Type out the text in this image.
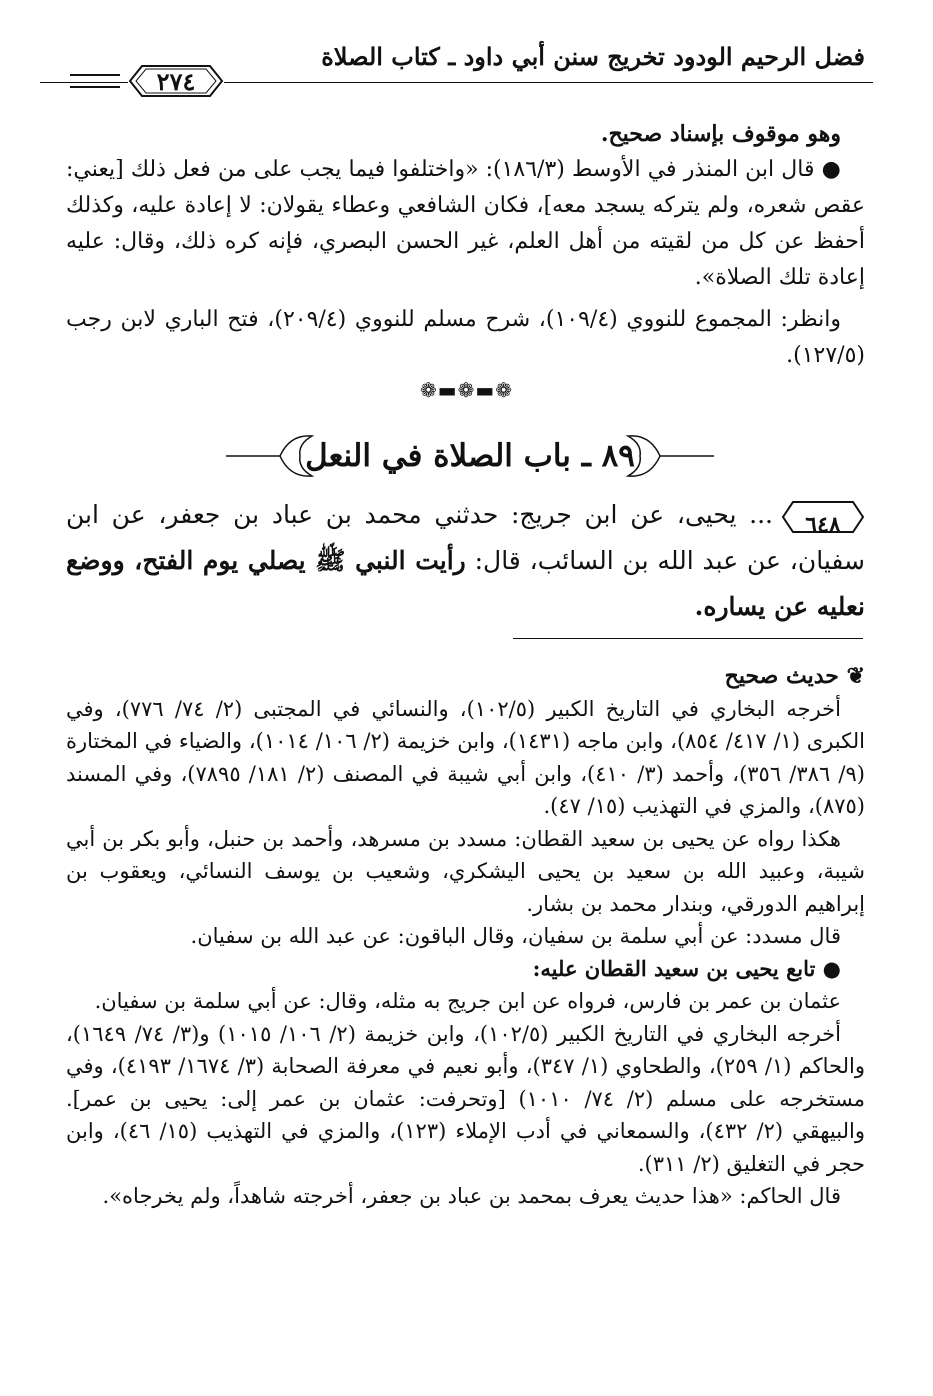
فضل الرحيم الودود تخريج سنن أبي داود ـ كتاب الصلاة
٢٧٤

وهو موقوف بإسناد صحيح.

● قال ابن المنذر في الأوسط (١٨٦/٣): «واختلفوا فيما يجب على من فعل ذلك [يعني: عقص شعره، ولم يتركه يسجد معه]، فكان الشافعي وعطاء يقولان: لا إعادة عليه، وكذلك أحفظ عن كل من لقيته من أهل العلم، غير الحسن البصري، فإنه كره ذلك، وقال: عليه إعادة تلك الصلاة».

وانظر: المجموع للنووي (١٠٩/٤)، شرح مسلم للنووي (٢٠٩/٤)، فتح الباري لابن رجب (١٢٧/٥).

❁▬❁▬❁
٨٩ ـ باب الصلاة في النعل

٦٤٨
... يحيى، عن ابن جريج: حدثني محمد بن عباد بن جعفر، عن ابن سفيان، عن عبد الله بن السائب، قال: رأيت النبي ﷺ يصلي يوم الفتح، ووضع نعليه عن يساره.

❦ حديث صحيح

أخرجه البخاري في التاريخ الكبير (١٠٢/٥)، والنسائي في المجتبى (٢/ ٧٤/ ٧٧٦)، وفي الكبرى (١/ ٤١٧/ ٨٥٤)، وابن ماجه (١٤٣١)، وابن خزيمة (٢/ ١٠٦/ ١٠١٤)، والضياء في المختارة (٩/ ٣٨٦/ ٣٥٦)، وأحمد (٣/ ٤١٠)، وابن أبي شيبة في المصنف (٢/ ١٨١/ ٧٨٩٥)، وفي المسند (٨٧٥)، والمزي في التهذيب (١٥/ ٤٧).

هكذا رواه عن يحيى بن سعيد القطان: مسدد بن مسرهد، وأحمد بن حنبل، وأبو بكر بن أبي شيبة، وعبيد الله بن سعيد بن يحيى اليشكري، وشعيب بن يوسف النسائي، ويعقوب بن إبراهيم الدورقي، وبندار محمد بن بشار.

قال مسدد: عن أبي سلمة بن سفيان، وقال الباقون: عن عبد الله بن سفيان.

● تابع يحيى بن سعيد القطان عليه:

عثمان بن عمر بن فارس، فرواه عن ابن جريج به مثله، وقال: عن أبي سلمة بن سفيان.

أخرجه البخاري في التاريخ الكبير (١٠٢/٥)، وابن خزيمة (٢/ ١٠٦/ ١٠١٥) و(٣/ ٧٤/ ١٦٤٩)، والحاكم (١/ ٢٥٩)، والطحاوي (١/ ٣٤٧)، وأبو نعيم في معرفة الصحابة (٣/ ١٦٧٤/ ٤١٩٣)، وفي مستخرجه على مسلم (٢/ ٧٤/ ١٠١٠) [وتحرفت: عثمان بن عمر إلى: يحيى بن عمر]. والبيهقي (٢/ ٤٣٢)، والسمعاني في أدب الإملاء (١٢٣)، والمزي في التهذيب (١٥/ ٤٦)، وابن حجر في التغليق (٢/ ٣١١).

قال الحاكم: «هذا حديث يعرف بمحمد بن عباد بن جعفر، أخرجته شاهداً، ولم يخرجاه».
